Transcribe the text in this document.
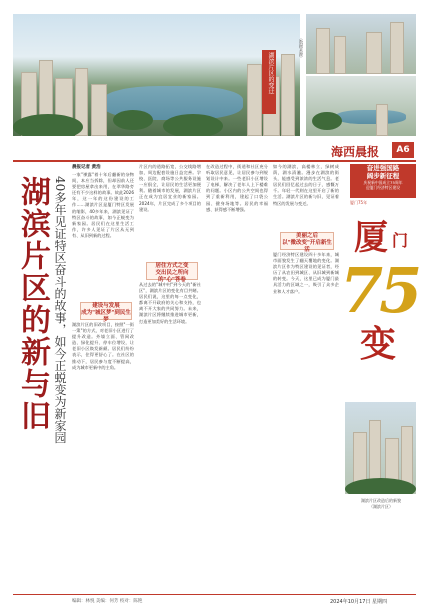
湖滨片区的变迁
（数据来源）
海西晨报	A6
奋进强国路
阔步新征程
庆祝新中国成立75周年
迎厦门经济特区建设
厦门75年
厦 门
75
变
湖滨片区的新与旧 40多年见证特区奋斗的故事，如今正蜕变为新家园
晨报记者 黄浩
一家"裸露"着十年后翻新的杂物间，本应当拆除，但却因前人还要把房屋拿出来用，在翠华路旁还有不少这样的故事。故此2026年，这一年的这份建设的工作……湖滨片区是厦门特区发展的缩影，40多年来，湖滨见证了特区奋斗的故事，如今正蜕变为新家园。居民们在这里生活工作，许多人见证了片区从无到有、从旧到新的过程。
建设与发展
成为"城区梦"到民生梦
湖滨片区的旧改项目，按照"一街一策"的方式，对老旧小区进行了提升改造。外墙立面、管网改造、绿化提升、停车位增设，让老旧小区焕发新颜。居民们纷纷表示，住得更舒心了。在社区的推动下，居民参与度不断提高，成为城市更新中的主角。
片区内的道路拓宽，公交线路增加，周边配套设施日益完善。学校、医院、商场等公共服务设施一应俱全，让居民的生活更加便利。随着城市的发展，湖滨片区正在成为宜居宜业的新家园。2024年，片区完成了多个项目的建设。
居住方式之变
交出民之所向的"心"答卷
从过去的"城中村"到今天的"新社区"，湖滨片区的变化有目共睹。居民们说，这里的每一点变化，都离不开政府的关心和支持，也离不开大家的共同努力。未来，湖滨片区将继续推进城市更新，打造更加美好的生活环境。
在改造过程中，街道和社区充分听取居民意见，让居民参与到规划设计中来。一些老旧小区增设了电梯，解决了老年人上下楼难的问题。小区内的公共空间也得到了重新利用，建起了口袋公园、健身场地等。居民的幸福感、获得感不断增强。
如今的湖滨，高楼林立，绿树成荫，湖水清澈。漫步在湖滨的街头，能感受到浓浓的生活气息。老居民们回忆起过去的日子，感慨万千。年轻一代则在这里开启了新的生活。湖滨片区的新与旧，见证着特区的发展与变迁。
美丽之后
以"微改变"开启新生活
厦门经济特区建设四十多年来，城市面貌发生了翻天覆地的变化。湖滨片区作为特区建设的见证者，经历了从农田到城区、从旧城到新城的转变。今天，这里已成为厦门最具活力的区域之一，吸引了众多企业和人才落户。
湖滨片区改造后的新貌
（湖滨片区）
编辑：林悦 美编：何芳 校对：陈艳	2024年10月17日 星期四
